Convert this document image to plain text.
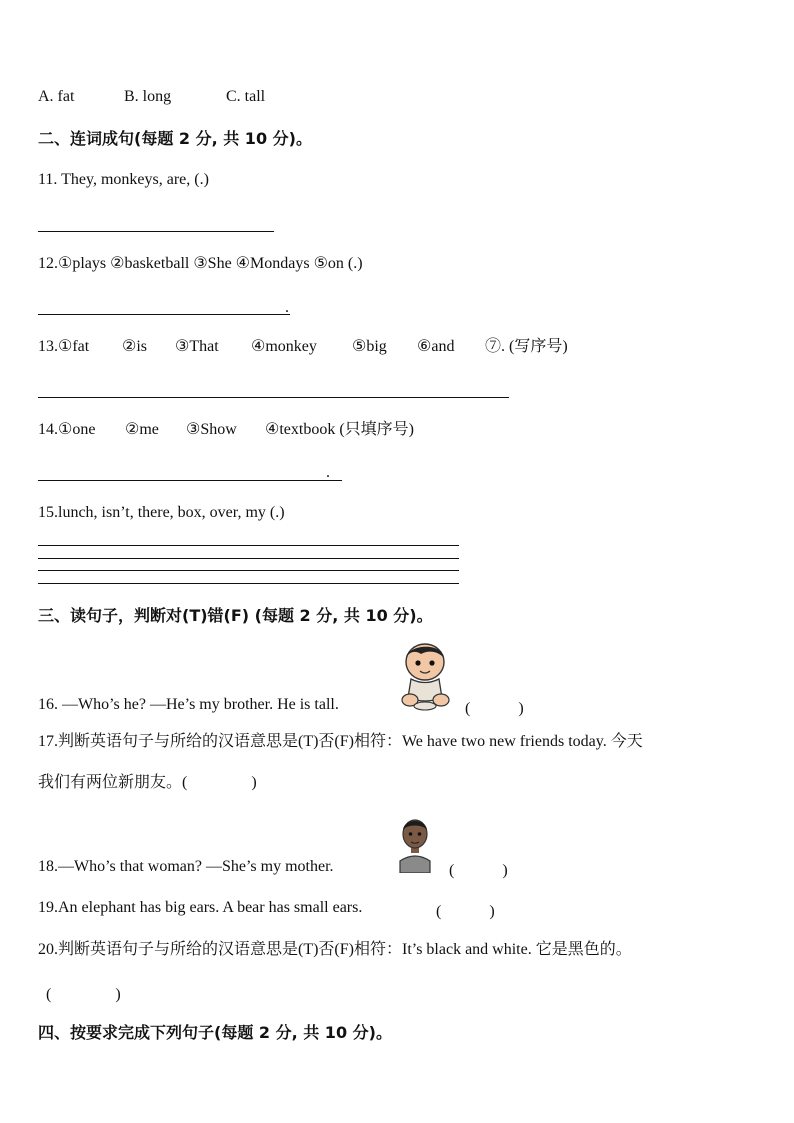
A. fat	B. long	C. tall
二、连词成句(每题 2 分, 共 10 分)。
11. They, monkeys, are, (.)
12.①plays ②basketball ③She ④Mondays ⑤on (.)
.
13.①fat ②is ③That ④monkey ⑤big ⑥and ⑦. (写序号)
14.①one ②me ③Show ④textbook (只填序号)
.
15.lunch, isn’t, there, box, over, my (.)
三、读句子，判断对(T)错(F) (每题 2 分, 共 10 分)。
16. —Who’s he? —He’s my brother. He is tall.	(　　　)
17.判断英语句子与所给的汉语意思是(T)否(F)相符：We have two new friends today. 今天
我们有两位新朋友。(　　　　)
18.—Who’s that woman? —She’s my mother.	(　　　)
19.An elephant has big ears. A bear has small ears.	(　　　)
20.判断英语句子与所给的汉语意思是(T)否(F)相符：It’s black and white. 它是黑色的。
(　　　　)
四、按要求完成下列句子(每题 2 分, 共 10 分)。
